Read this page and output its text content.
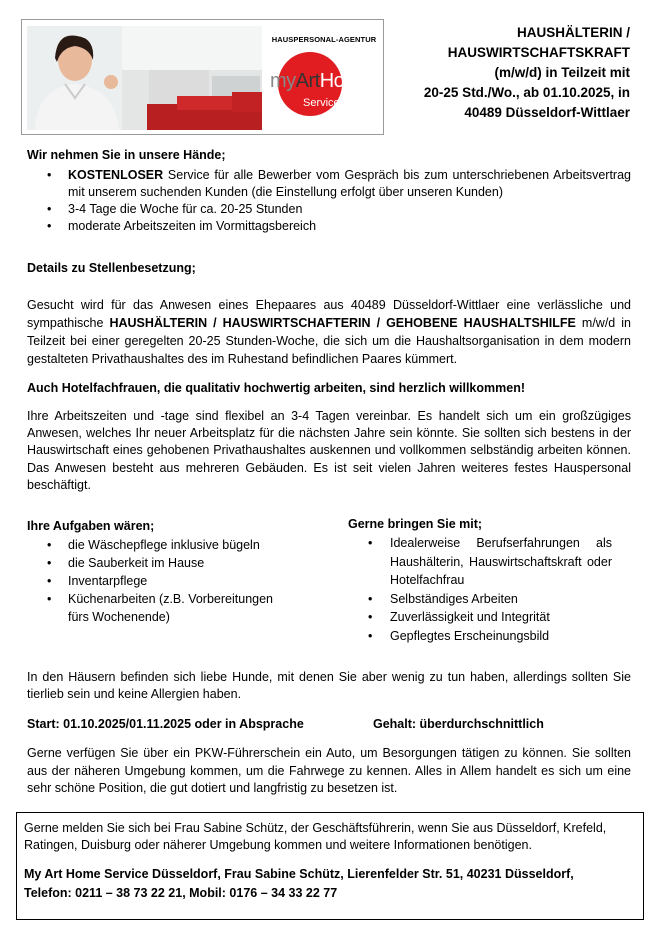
HAUSPERSONAL-AGENTUR
myArtHome
Service
HAUSHÄLTERIN /
HAUSWIRTSCHAFTSKRAFT
(m/w/d) in Teilzeit mit
20-25 Std./Wo., ab 01.10.2025, in
40489 Düsseldorf-Wittlaer
Wir nehmen Sie in unsere Hände;
• KOSTENLOSER Service für alle Bewerber vom Gespräch bis zum unterschriebenen Arbeitsvertrag mit unserem suchenden Kunden (die Einstellung erfolgt über unseren Kunden)
• 3-4 Tage die Woche für ca. 20-25 Stunden
• moderate Arbeitszeiten im Vormittagsbereich
Details zu Stellenbesetzung;
Gesucht wird für das Anwesen eines Ehepaares aus 40489 Düsseldorf-Wittlaer eine verlässliche und sympathische HAUSHÄLTERIN / HAUSWIRTSCHAFTERIN / GEHOBENE HAUSHALTSHILFE m/w/d in Teilzeit bei einer geregelten 20-25 Stunden-Woche, die sich um die Haushaltsorganisation in dem modern gestalteten Privathaushaltes des im Ruhestand befindlichen Paares kümmert.
Auch Hotelfachfrauen, die qualitativ hochwertig arbeiten, sind herzlich willkommen!
Ihre Arbeitszeiten und -tage sind flexibel an 3-4 Tagen vereinbar. Es handelt sich um ein großzügiges Anwesen, welches Ihr neuer Arbeitsplatz für die nächsten Jahre sein könnte. Sie sollten sich bestens in der Hauswirtschaft eines gehobenen Privathaushaltes auskennen und vollkommen selbständig arbeiten können. Das Anwesen besteht aus mehreren Gebäuden. Es ist seit vielen Jahren weiteres festes Hauspersonal beschäftigt.
Ihre Aufgaben wären;
• die Wäschepflege inklusive bügeln
• die Sauberkeit im Hause
• Inventarpflege
• Küchenarbeiten (z.B. Vorbereitungen fürs Wochenende)
Gerne bringen Sie mit;
• Idealerweise Berufserfahrungen als Haushälterin, Hauswirtschaftskraft oder Hotelfachfrau
• Selbständiges Arbeiten
• Zuverlässigkeit und Integrität
• Gepflegtes Erscheinungsbild
In den Häusern befinden sich liebe Hunde, mit denen Sie aber wenig zu tun haben, allerdings sollten Sie tierlieb sein und keine Allergien haben.
Start: 01.10.2025/01.11.2025 oder in Absprache	Gehalt: überdurchschnittlich
Gerne verfügen Sie über ein PKW-Führerschein ein Auto, um Besorgungen tätigen zu können. Sie sollten aus der näheren Umgebung kommen, um die Fahrwege zu kennen. Alles in Allem handelt es sich um eine sehr schöne Position, die gut dotiert und langfristig zu besetzen ist.
Gerne melden Sie sich bei Frau Sabine Schütz, der Geschäftsführerin, wenn Sie aus Düsseldorf, Krefeld, Ratingen, Duisburg oder näherer Umgebung kommen und weitere Informationen benötigen.
My Art Home Service Düsseldorf, Frau Sabine Schütz, Lierenfelder Str. 51, 40231 Düsseldorf,
Telefon: 0211 – 38 73 22 21, Mobil: 0176 – 34 33 22 77
